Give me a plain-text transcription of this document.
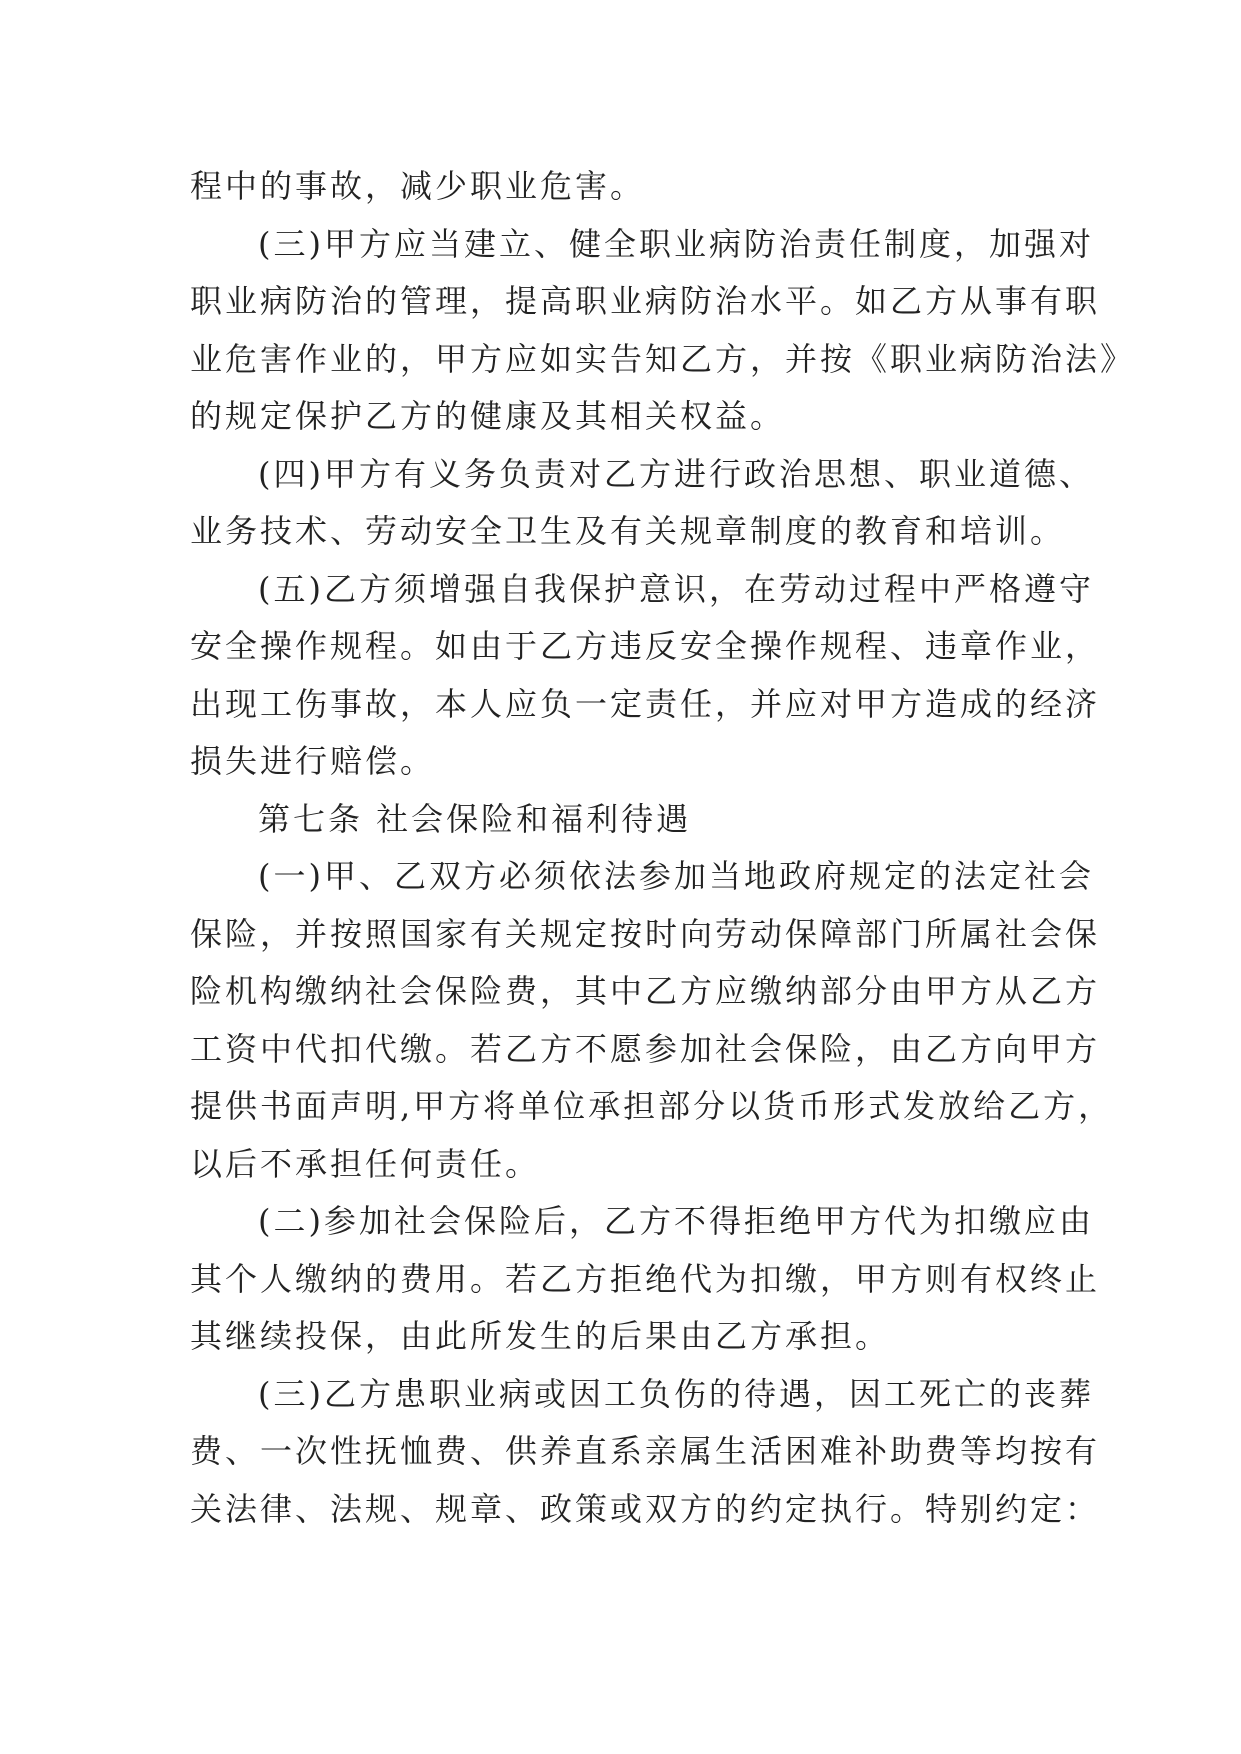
程中的事故，减少职业危害。
(三)甲方应当建立、健全职业病防治责任制度，加强对
职业病防治的管理，提高职业病防治水平。如乙方从事有职
业危害作业的，甲方应如实告知乙方，并按《职业病防治法》
的规定保护乙方的健康及其相关权益。
(四)甲方有义务负责对乙方进行政治思想、职业道德、
业务技术、劳动安全卫生及有关规章制度的教育和培训。
(五)乙方须增强自我保护意识，在劳动过程中严格遵守
安全操作规程。如由于乙方违反安全操作规程、违章作业，
出现工伤事故，本人应负一定责任，并应对甲方造成的经济
损失进行赔偿。
第七条 社会保险和福利待遇
(一)甲、乙双方必须依法参加当地政府规定的法定社会
保险，并按照国家有关规定按时向劳动保障部门所属社会保
险机构缴纳社会保险费，其中乙方应缴纳部分由甲方从乙方
工资中代扣代缴。若乙方不愿参加社会保险，由乙方向甲方
提供书面声明,甲方将单位承担部分以货币形式发放给乙方，
以后不承担任何责任。
(二)参加社会保险后，乙方不得拒绝甲方代为扣缴应由
其个人缴纳的费用。若乙方拒绝代为扣缴，甲方则有权终止
其继续投保，由此所发生的后果由乙方承担。
(三)乙方患职业病或因工负伤的待遇，因工死亡的丧葬
费、一次性抚恤费、供养直系亲属生活困难补助费等均按有
关法律、法规、规章、政策或双方的约定执行。特别约定：
